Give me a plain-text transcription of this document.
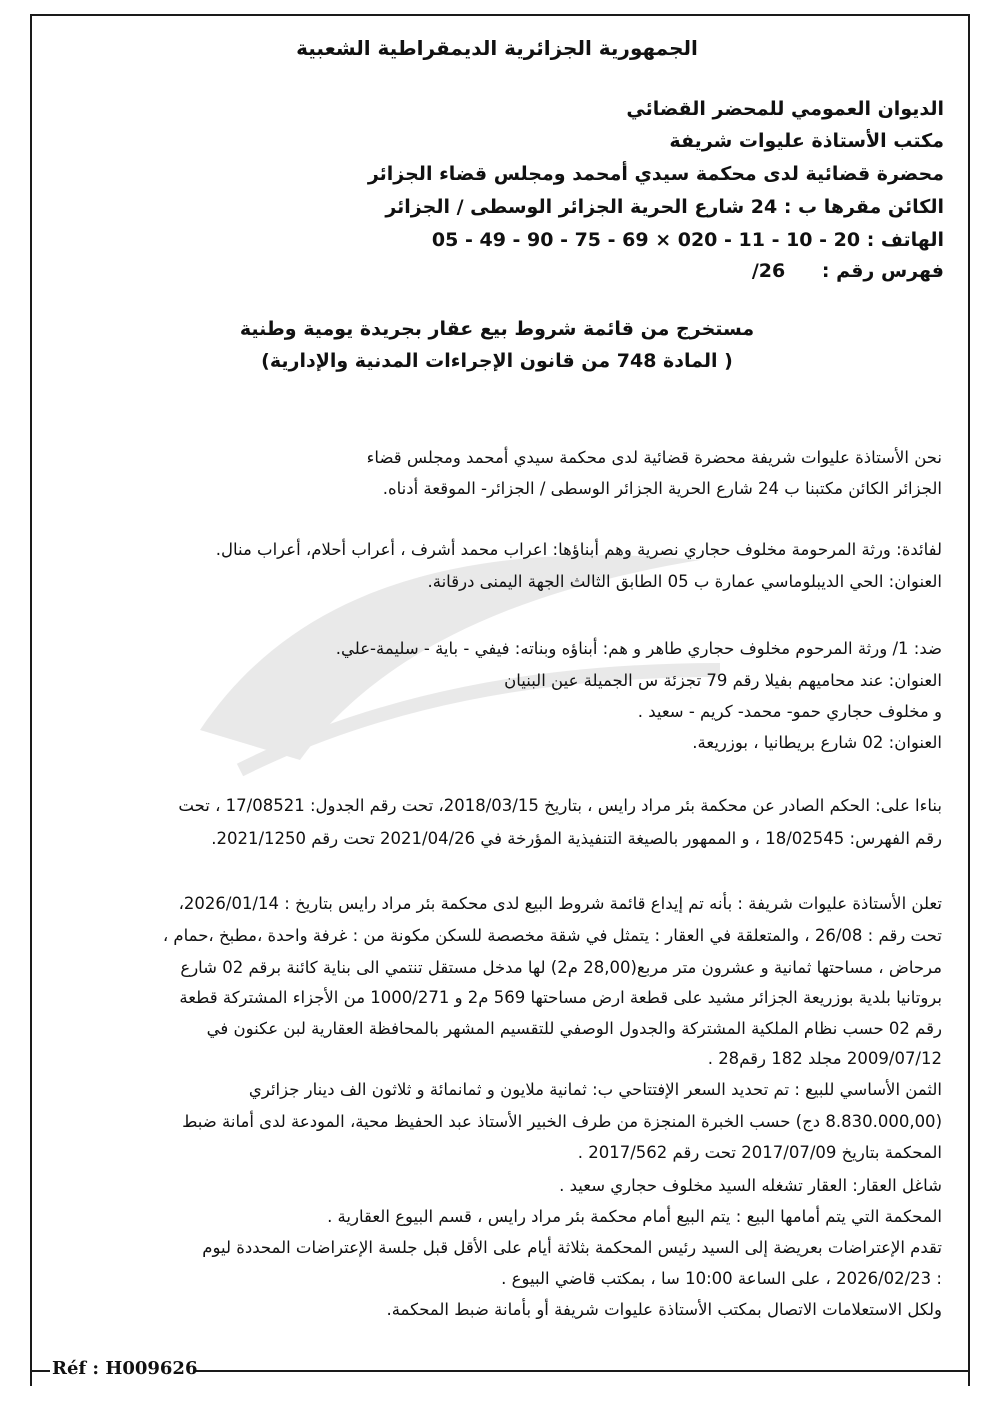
الجمهورية الجزائرية الديمقراطية الشعبية
الديوان العمومي للمحضر القضائي
مكتب الأستاذة عليوات شريفة
محضرة قضائية لدى محكمة سيدي أمحمد ومجلس قضاء الجزائر
الكائن مقرها ب : 24 شارع الحرية الجزائر الوسطى / الجزائر
الهاتف : 05 - 49 - 90 - 75 - 69 × 020 - 11 - 10 - 20
فهرس رقم : /26
مستخرج من قائمة شروط بيع عقار بجريدة يومية وطنية
( المادة 748 من قانون الإجراءات المدنية والإدارية)
نحن الأستاذة عليوات شريفة محضرة قضائية لدى محكمة سيدي أمحمد ومجلس قضاء
الجزائر الكائن مكتبنا ب 24 شارع الحرية الجزائر الوسطى / الجزائر- الموقعة أدناه.
لفائدة: ورثة المرحومة مخلوف حجاري نصرية وهم أبناؤها: اعراب محمد أشرف ، أعراب أحلام، أعراب منال.
العنوان: الحي الديبلوماسي عمارة ب 05 الطابق الثالث الجهة اليمنى درقانة.
ضد: 1/ ورثة المرحوم مخلوف حجاري طاهر و هم: أبناؤه وبناته: فيفي - باية - سليمة-علي.
العنوان: عند محاميهم بفيلا رقم 79 تجزئة س الجميلة عين البنيان
و مخلوف حجاري حمو- محمد- كريم - سعيد .
العنوان: 02 شارع بريطانيا ، بوزريعة.
بناءا على: الحكم الصادر عن محكمة بئر مراد رايس ، بتاريخ 2018/03/15، تحت رقم الجدول: 17/08521 ، تحت
رقم الفهرس: 18/02545 ، و الممهور بالصيغة التنفيذية المؤرخة في 2021/04/26 تحت رقم 2021/1250.
تعلن الأستاذة عليوات شريفة : بأنه تم إيداع قائمة شروط البيع لدى محكمة بئر مراد رايس بتاريخ : 2026/01/14،
تحت رقم : 26/08 ، والمتعلقة في العقار : يتمثل في شقة مخصصة للسكن مكونة من : غرفة واحدة ،مطبخ ،حمام ،
مرحاض ، مساحتها ثمانية و عشرون متر مربع(28,00 م2) لها مدخل مستقل تنتمي الى بناية كائنة برقم 02 شارع
بروتانيا بلدية بوزريعة الجزائر مشيد على قطعة ارض مساحتها 569 م2 و 1000/271 من الأجزاء المشتركة قطعة
رقم 02 حسب نظام الملكية المشتركة والجدول الوصفي للتقسيم المشهر بالمحافظة العقارية لبن عكنون في
2009/07/12 مجلد 182 رقم28 .
الثمن الأساسي للبيع : تم تحديد السعر الإفتتاحي ب: ثمانية ملايون و ثمانمائة و ثلاثون الف دينار جزائري
(8.830.000,00 دج) حسب الخبرة المنجزة من طرف الخبير الأستاذ عبد الحفيظ محية، المودعة لدى أمانة ضبط
المحكمة بتاريخ 2017/07/09 تحت رقم 2017/562 .
شاغل العقار: العقار تشغله السيد مخلوف حجاري سعيد .
المحكمة التي يتم أمامها البيع : يتم البيع أمام محكمة بئر مراد رايس ، قسم البيوع العقارية .
تقدم الإعتراضات بعريضة إلى السيد رئيس المحكمة بثلاثة أيام على الأقل قبل جلسة الإعتراضات المحددة ليوم
: 2026/02/23 ، على الساعة 10:00 سا ، بمكتب قاضي البيوع .
ولكل الاستعلامات الاتصال بمكتب الأستاذة عليوات شريفة أو بأمانة ضبط المحكمة.
Réf : H009626
